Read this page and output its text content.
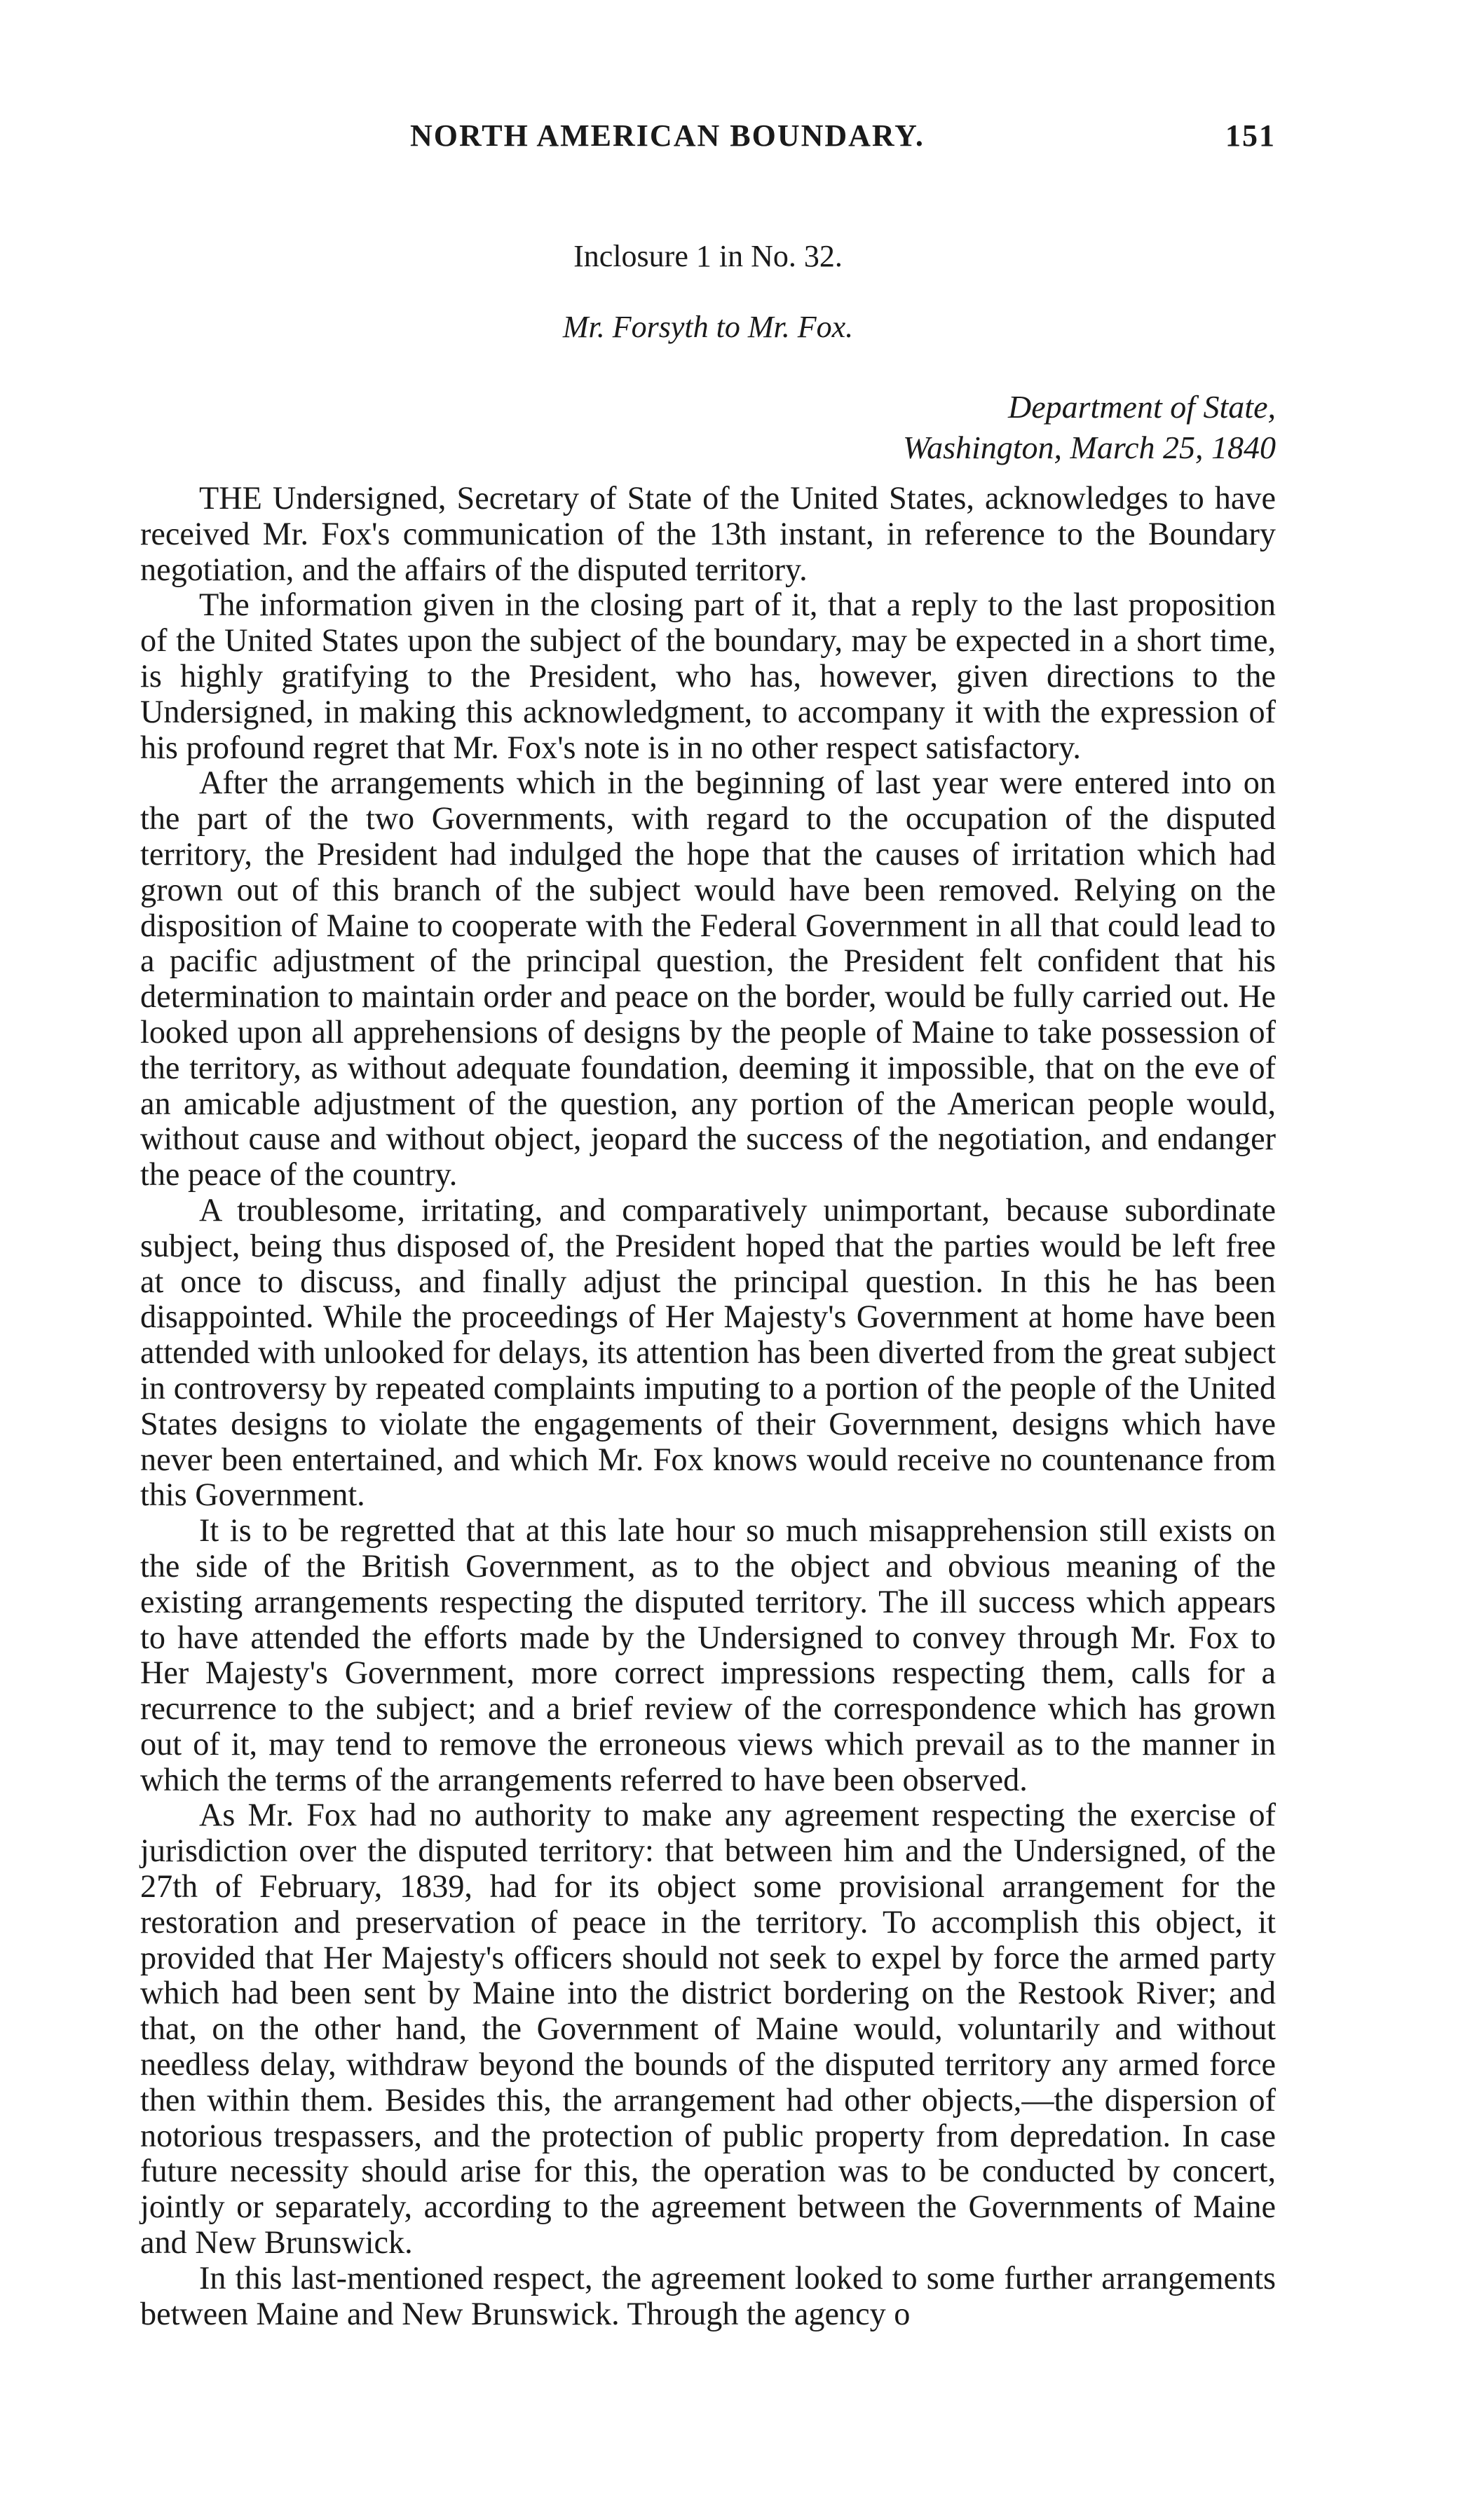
NORTH AMERICAN BOUNDARY.	151
Inclosure 1 in No. 32.
Mr. Forsyth to Mr. Fox.
Department of State,
Washington, March 25, 1840

THE Undersigned, Secretary of State of the United States, acknowledges to have received Mr. Fox's communication of the 13th instant, in reference to the Boundary negotiation, and the affairs of the disputed territory.

The information given in the closing part of it, that a reply to the last proposition of the United States upon the subject of the boundary, may be expected in a short time, is highly gratifying to the President, who has, however, given directions to the Undersigned, in making this acknowledgment, to accompany it with the expression of his profound regret that Mr. Fox's note is in no other respect satisfactory.

After the arrangements which in the beginning of last year were entered into on the part of the two Governments, with regard to the occupation of the disputed territory, the President had indulged the hope that the causes of irritation which had grown out of this branch of the subject would have been removed. Relying on the disposition of Maine to cooperate with the Federal Government in all that could lead to a pacific adjustment of the principal question, the President felt confident that his determination to maintain order and peace on the border, would be fully carried out. He looked upon all apprehensions of designs by the people of Maine to take possession of the territory, as without adequate foundation, deeming it impossible, that on the eve of an amicable adjustment of the question, any portion of the American people would, without cause and without object, jeopard the success of the negotiation, and endanger the peace of the country.

A troublesome, irritating, and comparatively unimportant, because subordinate subject, being thus disposed of, the President hoped that the parties would be left free at once to discuss, and finally adjust the principal question. In this he has been disappointed. While the proceedings of Her Majesty's Government at home have been attended with unlooked for delays, its attention has been diverted from the great subject in controversy by repeated complaints imputing to a portion of the people of the United States designs to violate the engagements of their Government, designs which have never been entertained, and which Mr. Fox knows would receive no countenance from this Government.

It is to be regretted that at this late hour so much misapprehension still exists on the side of the British Government, as to the object and obvious meaning of the existing arrangements respecting the disputed territory. The ill success which appears to have attended the efforts made by the Undersigned to convey through Mr. Fox to Her Majesty's Government, more correct impressions respecting them, calls for a recurrence to the subject; and a brief review of the correspondence which has grown out of it, may tend to remove the erroneous views which prevail as to the manner in which the terms of the arrangements referred to have been observed.

As Mr. Fox had no authority to make any agreement respecting the exercise of jurisdiction over the disputed territory: that between him and the Undersigned, of the 27th of February, 1839, had for its object some provisional arrangement for the restoration and preservation of peace in the territory. To accomplish this object, it provided that Her Majesty's officers should not seek to expel by force the armed party which had been sent by Maine into the district bordering on the Restook River; and that, on the other hand, the Government of Maine would, voluntarily and without needless delay, withdraw beyond the bounds of the disputed territory any armed force then within them. Besides this, the arrangement had other objects,—the dispersion of notorious trespassers, and the protection of public property from depredation. In case future necessity should arise for this, the operation was to be conducted by concert, jointly or separately, according to the agreement between the Governments of Maine and New Brunswick.

In this last-mentioned respect, the agreement looked to some further arrangements between Maine and New Brunswick. Through the agency o
